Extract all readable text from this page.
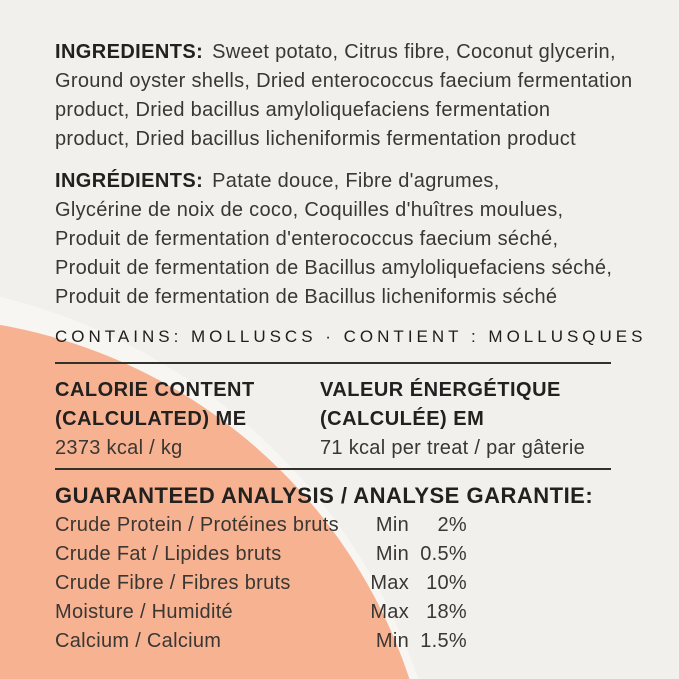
INGREDIENTS: Sweet potato, Citrus fibre, Coconut glycerin,
Ground oyster shells, Dried enterococcus faecium fermentation
product, Dried bacillus amyloliquefaciens fermentation
product, Dried bacillus licheniformis fermentation product
INGRÉDIENTS: Patate douce, Fibre d'agrumes,
Glycérine de noix de coco, Coquilles d'huîtres moulues,
Produit de fermentation d'enterococcus faecium séché,
Produit de fermentation de Bacillus amyloliquefaciens séché,
Produit de fermentation de Bacillus licheniformis séché
CONTAINS: MOLLUSCS · CONTIENT : MOLLUSQUES
CALORIE CONTENT
(CALCULATED) ME
2373 kcal / kg
VALEUR ÉNERGÉTIQUE
(CALCULÉE) EM
71 kcal per treat / par gâterie
GUARANTEED ANALYSIS / ANALYSE GARANTIE:
Crude Protein / Protéines bruts	Min	2%
Crude Fat / Lipides bruts	Min 0.5%
Crude Fibre / Fibres bruts	Max 10%
Moisture / Humidité	Max 18%
Calcium / Calcium	Min 1.5%
